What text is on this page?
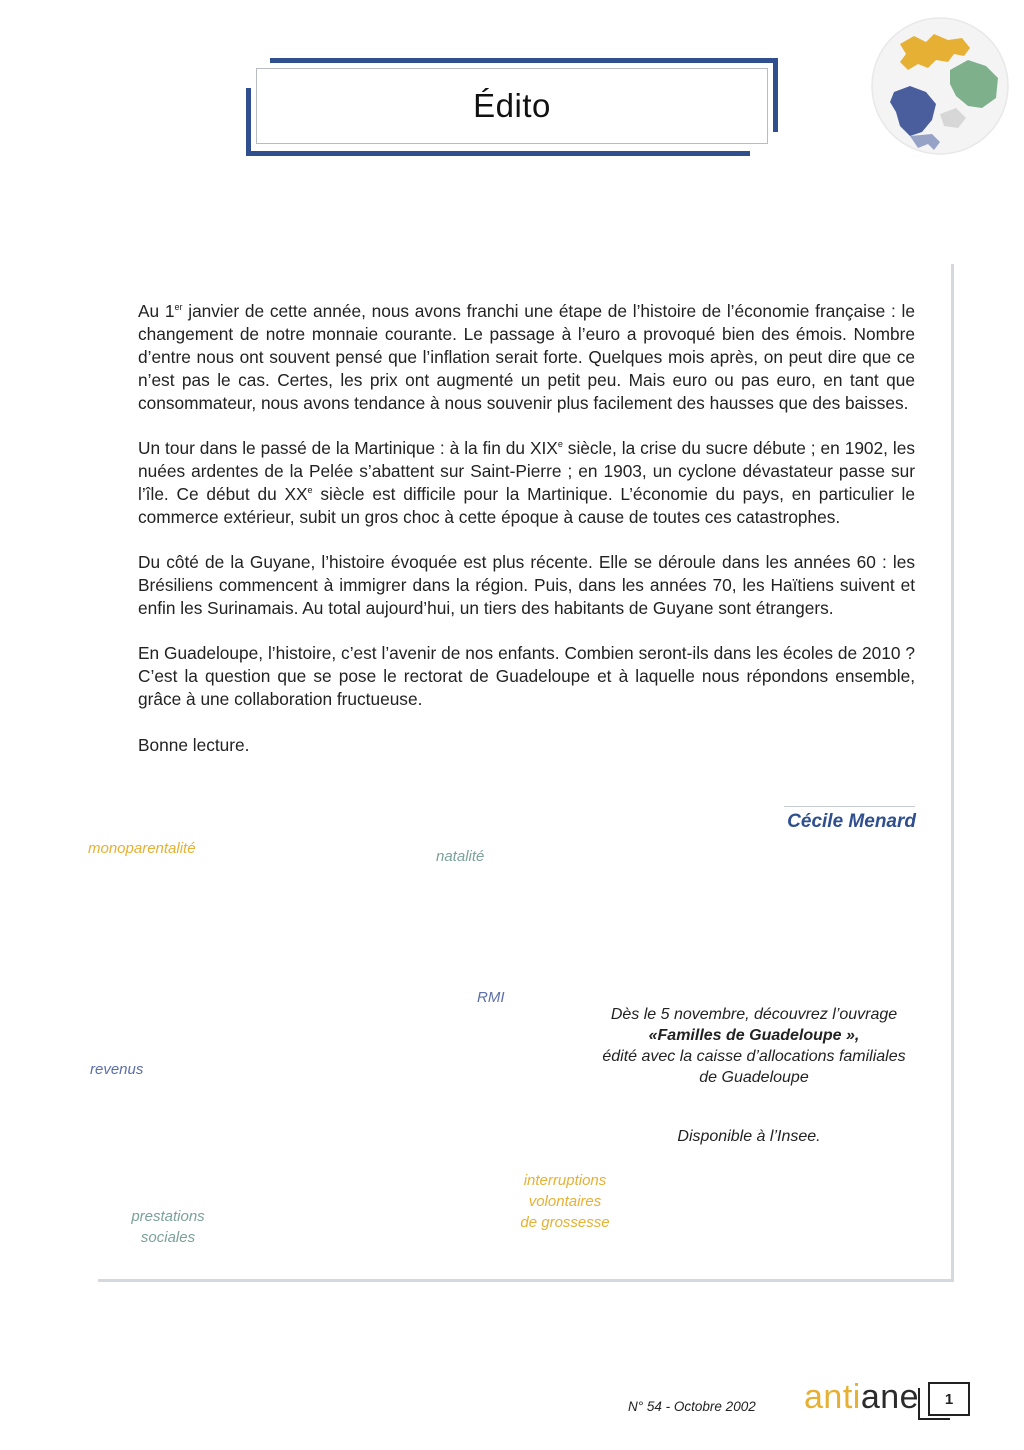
Édito

Au 1er janvier de cette année, nous avons franchi une étape de l’histoire de l’économie française : le changement de notre monnaie courante. Le passage à l’euro a provoqué bien des émois. Nombre d’entre nous ont souvent pensé que l’inflation serait forte. Quelques mois après, on peut dire que ce n’est pas le cas. Certes, les prix ont augmenté un petit peu. Mais euro ou pas euro, en tant que consommateur, nous avons tendance à nous souvenir plus facilement des hausses que des baisses.

Un tour dans le passé de la Martinique : à la fin du XIXe siècle, la crise du sucre débute ; en 1902, les nuées ardentes de la Pelée s’abattent sur Saint-Pierre ; en 1903, un cyclone dévastateur passe sur l’île. Ce début du XXe siècle est difficile pour la Martinique. L’économie du pays, en particulier le commerce extérieur, subit un gros choc à cette époque à cause de toutes ces catastrophes.

Du côté de la Guyane, l’histoire évoquée est plus récente. Elle se déroule dans les années 60 : les Brésiliens commencent à immigrer dans la région. Puis, dans les années 70, les Haïtiens suivent et enfin les Surinamais. Au total aujourd’hui, un tiers des habitants de Guyane sont étrangers.

En Guadeloupe, l’histoire, c’est l’avenir de nos enfants. Combien seront-ils dans les écoles de 2010 ? C’est la question que se pose le rectorat de Guadeloupe et à laquelle nous répondons ensemble, grâce à une collaboration fructueuse.

Bonne lecture.

Cécile Menard
monoparentalité	natalité
RMI
revenus
prestations
sociales
interruptions
volontaires
de grossesse
Dès le 5 novembre, découvrez l’ouvrage
«Familles de Guadeloupe »,
édité avec la caisse d’allocations familiales
de Guadeloupe
Disponible à l’Insee.
N° 54 - Octobre 2002 antiane	1
